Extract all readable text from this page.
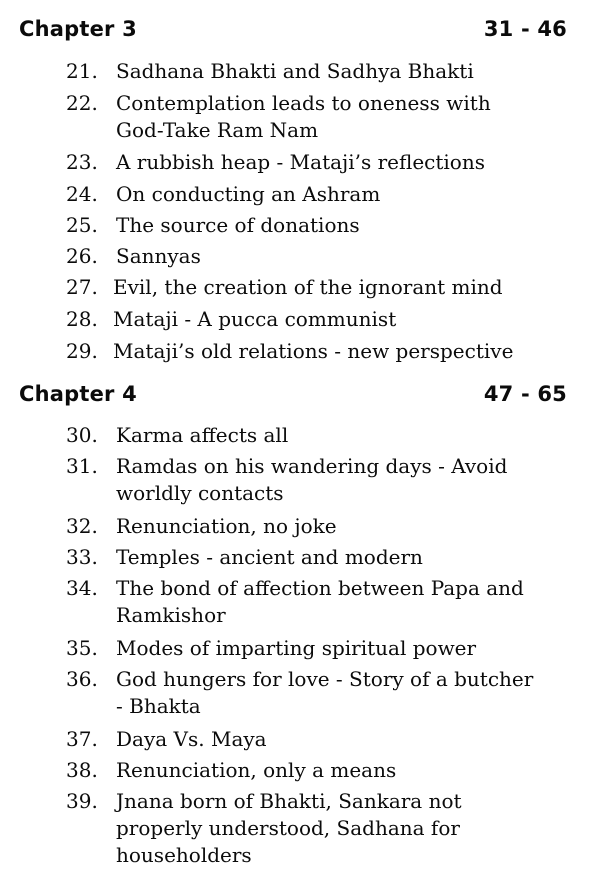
Chapter 3	31 - 46
21. Sadhana Bhakti and Sadhya Bhakti
22. Contemplation leads to oneness with
God-Take Ram Nam
23. A rubbish heap - Mataji’s reflections
24. On conducting an Ashram
25. The source of donations
26. Sannyas
27. Evil, the creation of the ignorant mind
28. Mataji - A pucca communist
29. Mataji’s old relations - new perspective
Chapter 4	47 - 65
30. Karma affects all
31. Ramdas on his wandering days - Avoid
worldly contacts
32. Renunciation, no joke
33. Temples - ancient and modern
34. The bond of affection between Papa and
Ramkishor
35. Modes of imparting spiritual power
36. God hungers for love - Story of a butcher
- Bhakta
37. Daya Vs. Maya
38. Renunciation, only a means
39. Jnana born of Bhakti, Sankara not
properly understood, Sadhana for
householders
